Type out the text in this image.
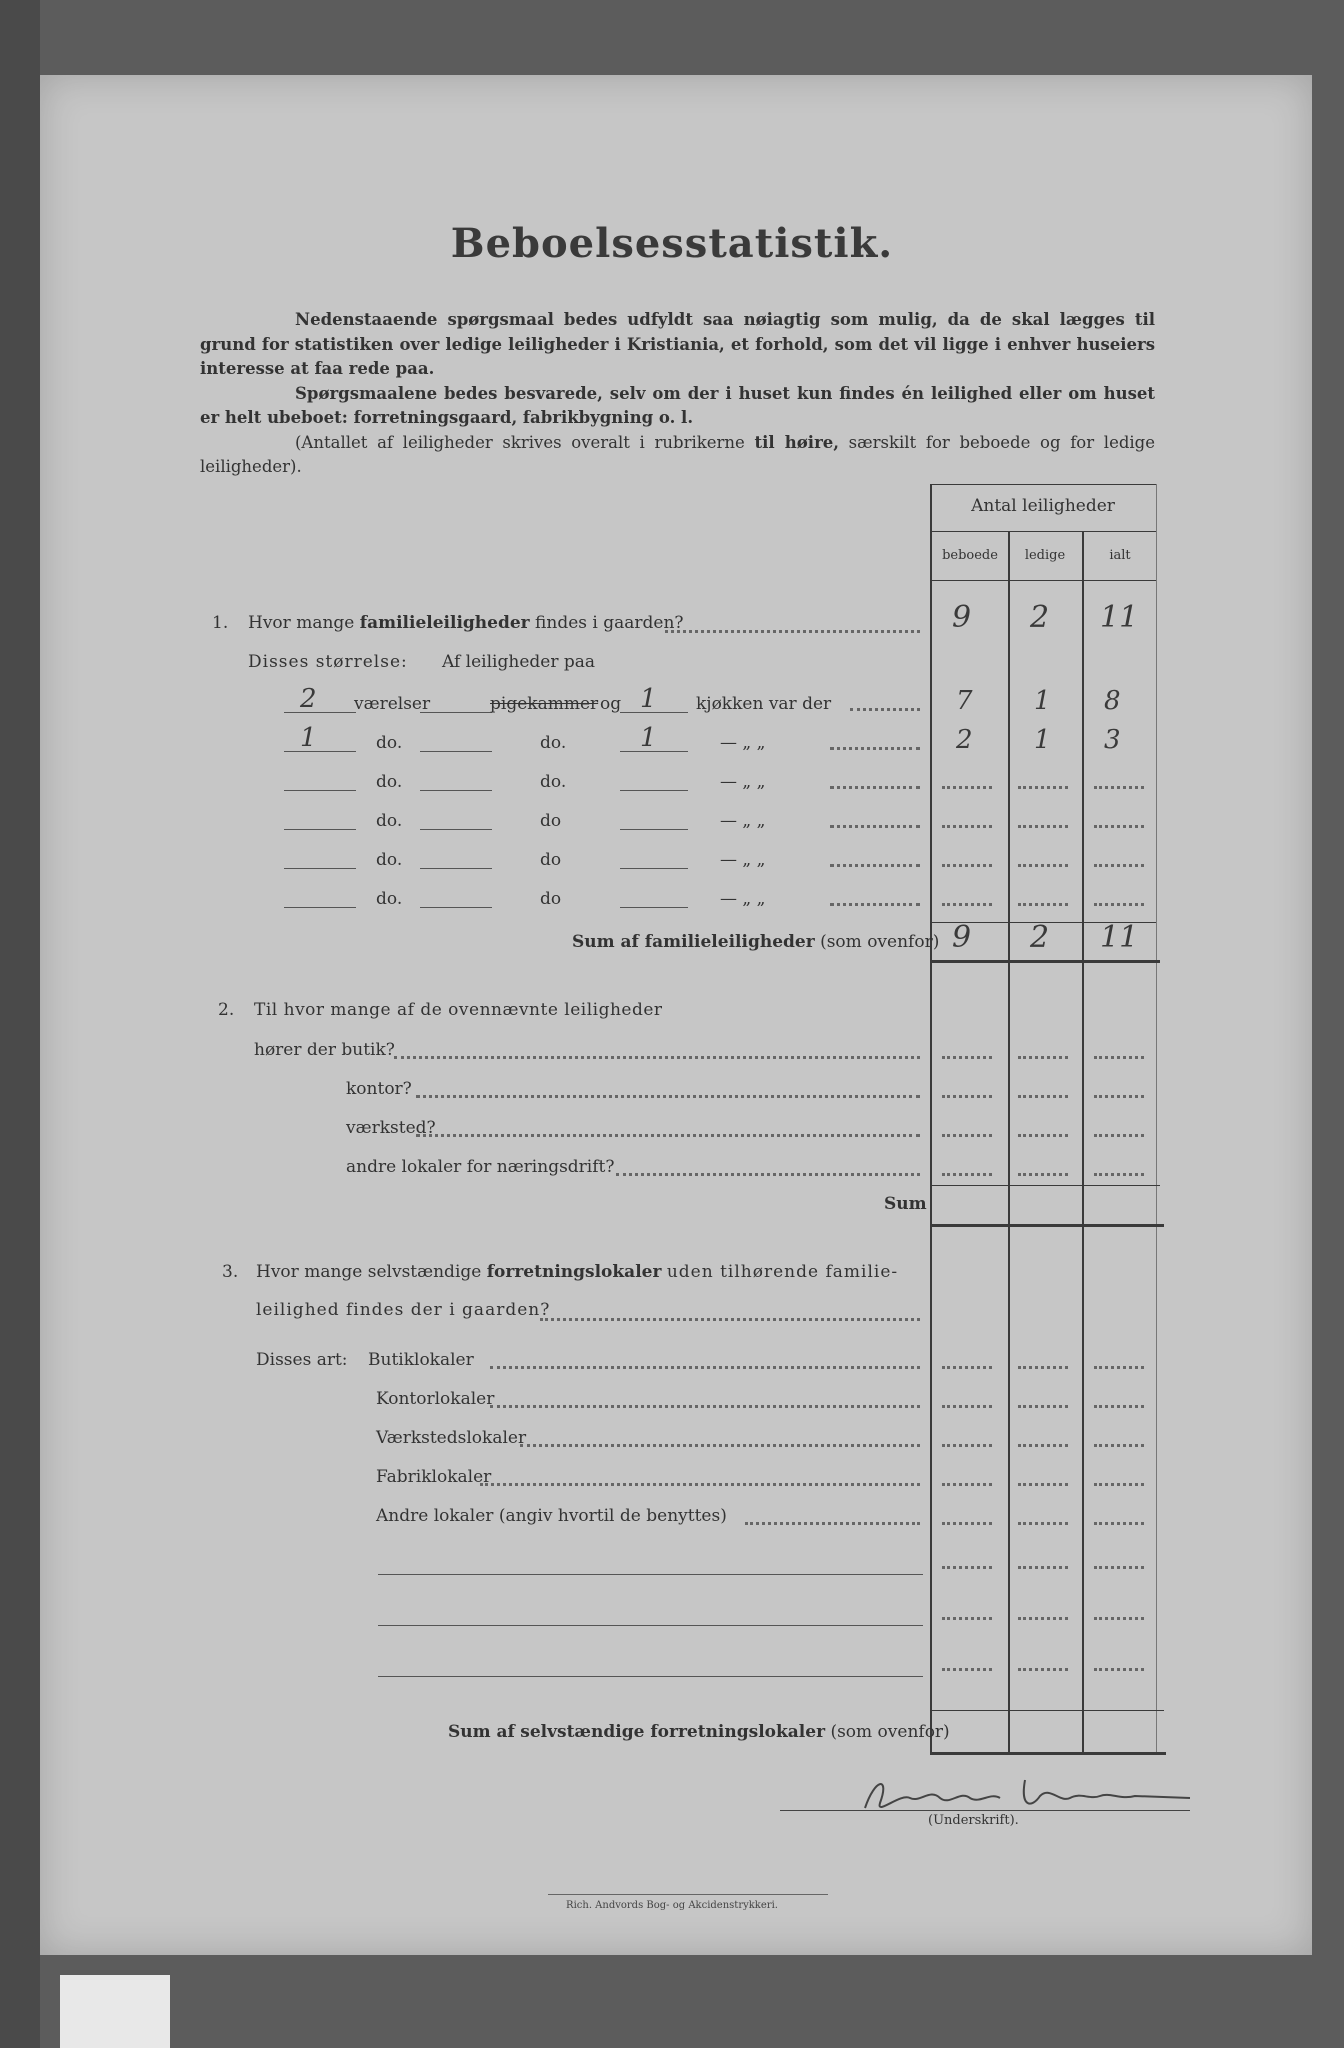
Beboelsesstatistik.

Nedenstaaende spørgsmaal bedes udfyldt saa nøiagtig som mulig, da de skal lægges til grund for statistiken over ledige leiligheder i Kristiania, et forhold, som det vil ligge i enhver huseiers interesse at faa rede paa.

Spørgsmaalene bedes besvarede, selv om der i huset kun findes én leilighed eller om huset er helt ubeboet: forretningsgaard, fabrikbygning o. l.

(Antallet af leiligheder skrives overalt i rubrikerne til høire, særskilt for beboede og for ledige leiligheder).

Antal leiligheder
beboede	ledige	ialt
1. Hvor mange familieleiligheder findes i gaarden?	9 2 11
Disses størrelse: Af leiligheder paa
2 værelser	pigekammer og 1 kjøkken var der	7 1 8
1	do.	do.	1	— „ „	2 1 3
do.	do.	— „ „
do.	do	— „ „
do.	do	— „ „
do.	do	— „ „
Sum af familieleiligheder (som ovenfor) 9 2 11
2. Til hvor mange af de ovennævnte leiligheder
hører der butik?
kontor?
værksted?
andre lokaler for næringsdrift?
Sum
3. Hvor mange selvstændige forretningslokaler uden tilhørende familie-
leilighed findes der i gaarden?
Disses art: Butiklokaler
Kontorlokaler
Værkstedslokaler
Fabriklokaler
Andre lokaler (angiv hvortil de benyttes)
Sum af selvstændige forretningslokaler (som ovenfor)
(Underskrift).
Rich. Andvords Bog- og Akcidenstrykkeri.
